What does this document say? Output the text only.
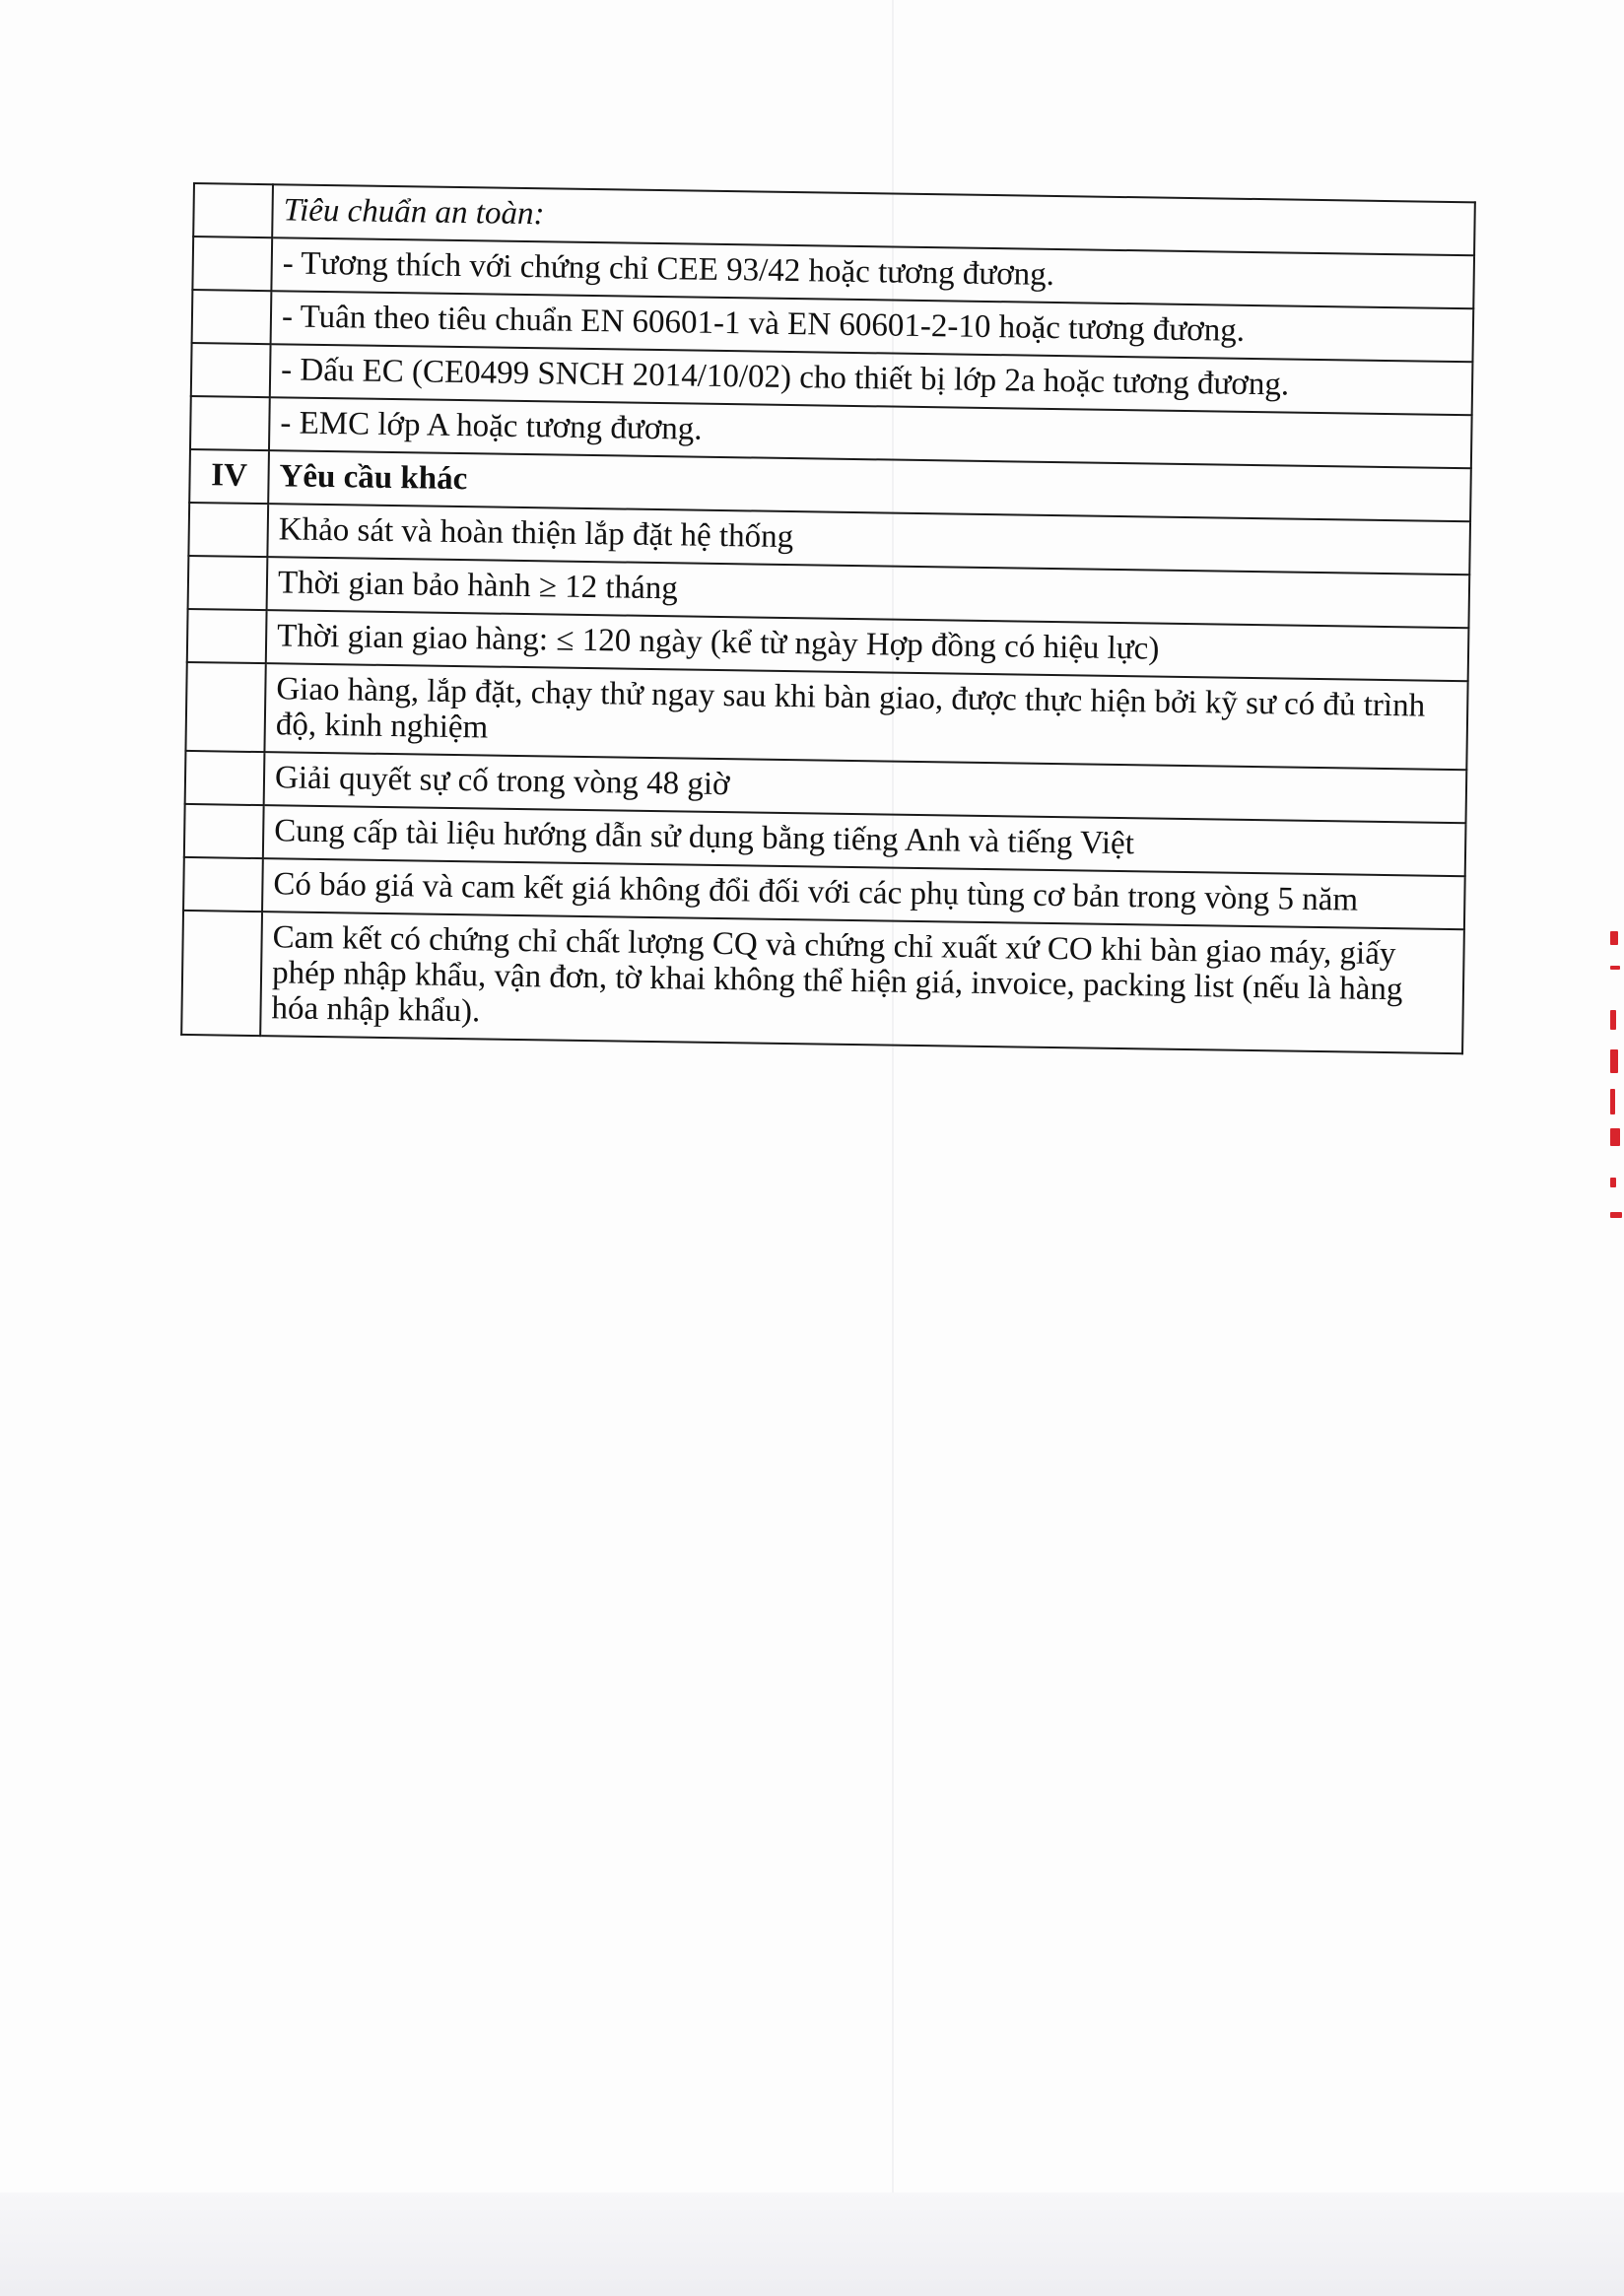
	Tiêu chuẩn an toàn:
	- Tương thích với chứng chỉ CEE 93/42 hoặc tương đương.
	- Tuân theo tiêu chuẩn EN 60601-1 và EN 60601-2-10 hoặc tương đương.
	- Dấu EC (CE0499 SNCH 2014/10/02) cho thiết bị lớp 2a hoặc tương đương.
	- EMC lớp A hoặc tương đương.
IV	Yêu cầu khác
	Khảo sát và hoàn thiện lắp đặt hệ thống
	Thời gian bảo hành ≥ 12 tháng
	Thời gian giao hàng: ≤ 120 ngày (kể từ ngày Hợp đồng có hiệu lực)
	Giao hàng, lắp đặt, chạy thử ngay sau khi bàn giao, được thực hiện bởi kỹ sư có đủ trình độ, kinh nghiệm
	Giải quyết sự cố trong vòng 48 giờ
	Cung cấp tài liệu hướng dẫn sử dụng bằng tiếng Anh và tiếng Việt
	Có báo giá và cam kết giá không đổi đối với các phụ tùng cơ bản trong vòng 5 năm
	Cam kết có chứng chỉ chất lượng CQ và chứng chỉ xuất xứ CO khi bàn giao máy, giấy phép nhập khẩu, vận đơn, tờ khai không thể hiện giá, invoice, packing list (nếu là hàng hóa nhập khẩu).
